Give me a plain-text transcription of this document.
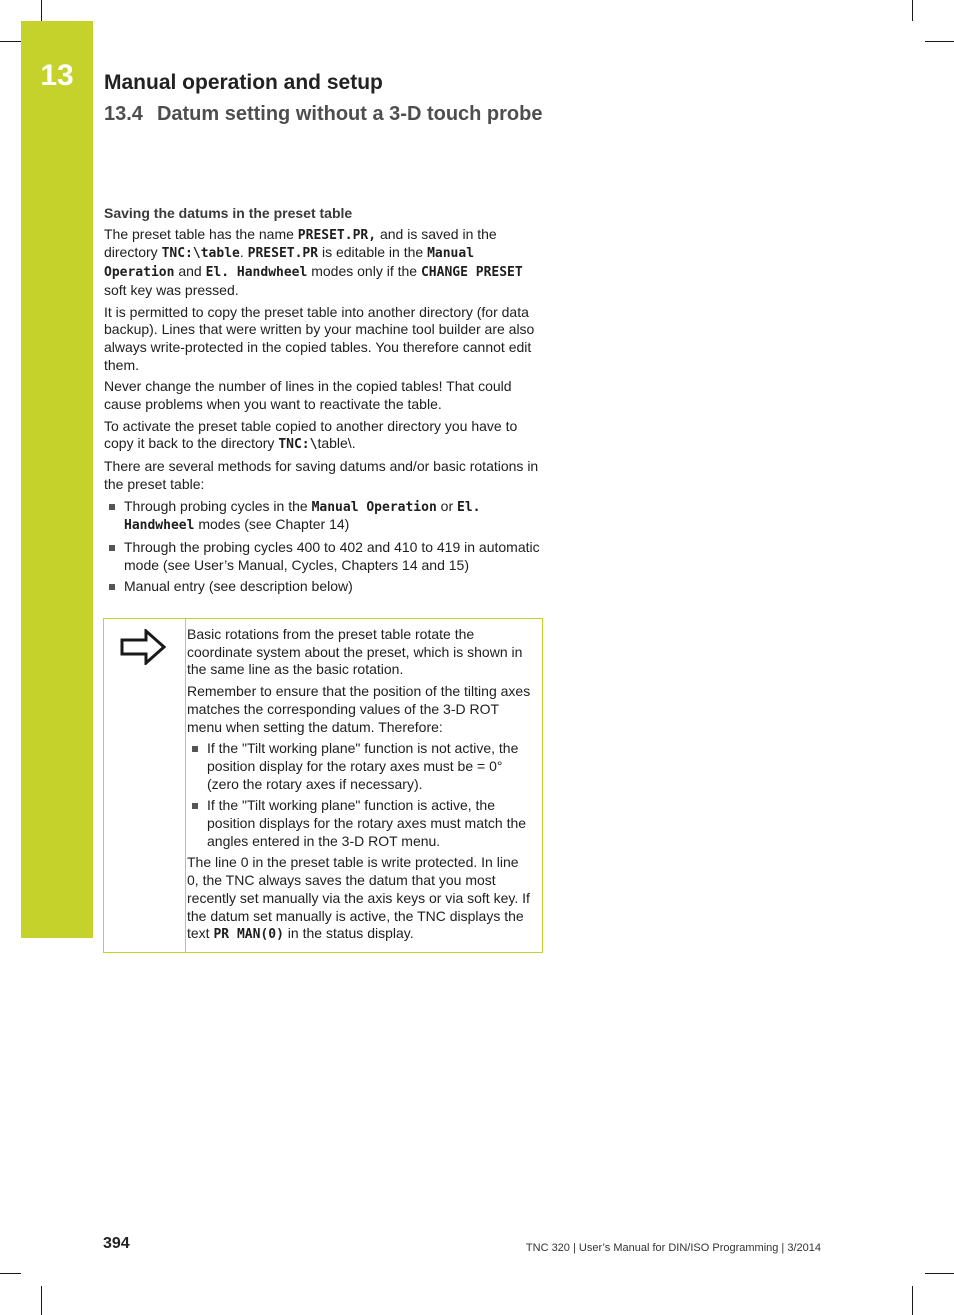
13	Manual operation and setup
13.4 Datum setting without a 3-D touch probe
Saving the datums in the preset table

The preset table has the name PRESET.PR, and is saved in the directory TNC:\table. PRESET.PR is editable in the Manual Operation and El. Handwheel modes only if the CHANGE PRESET soft key was pressed.

It is permitted to copy the preset table into another directory (for data backup). Lines that were written by your machine tool builder are also always write-protected in the copied tables. You therefore cannot edit them.

Never change the number of lines in the copied tables! That could cause problems when you want to reactivate the table.

To activate the preset table copied to another directory you have to copy it back to the directory TNC:\table\.

There are several methods for saving datums and/or basic rotations in the preset table:

Through probing cycles in the Manual Operation or El. Handwheel modes (see Chapter 14)
Through the probing cycles 400 to 402 and 410 to 419 in automatic mode (see User’s Manual, Cycles, Chapters 14 and 15)
Manual entry (see description below)

Basic rotations from the preset table rotate the coordinate system about the preset, which is shown in the same line as the basic rotation.

Remember to ensure that the position of the tilting axes matches the corresponding values of the 3-D ROT menu when setting the datum. Therefore:

If the "Tilt working plane" function is not active, the position display for the rotary axes must be = 0° (zero the rotary axes if necessary).
If the "Tilt working plane" function is active, the position displays for the rotary axes must match the angles entered in the 3-D ROT menu.

The line 0 in the preset table is write protected. In line 0, the TNC always saves the datum that you most recently set manually via the axis keys or via soft key. If the datum set manually is active, the TNC displays the text PR MAN(0) in the status display.

394	TNC 320 | User’s Manual for DIN/ISO Programming | 3/2014
